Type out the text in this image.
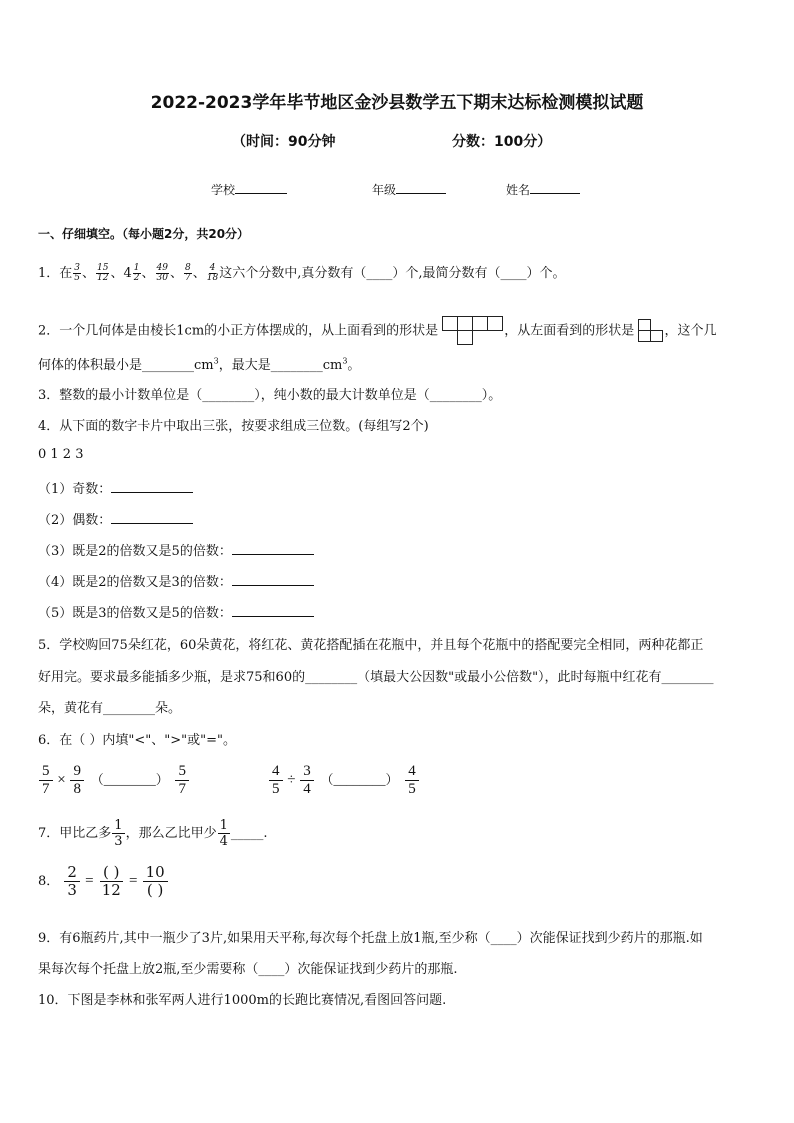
2022-2023学年毕节地区金沙县数学五下期末达标检测模拟试题
（时间：90分钟	分数：100分）
学校	年级	姓名
一、仔细填空。（每小题2分，共20分）
1．在 $\frac{3}{5}$ 、 $\frac{15}{12}$ 、$4 \frac{1}{2}$ 、 $\frac{49}{30}$ 、 $\frac{8}{7}$ 、 $\frac{4}{18}$ 这六个分数中,真分数有（____）个,最简分数有（____）个。
2．一个几何体是由棱长1cm的小正方体摆成的，从上面看到的形状是	，从左面看到的形状是 ，这个几
何体的体积最小是$\_\_\_\_\_\_\_\_cm^3$，最大是$\_\_\_\_\_\_\_\_cm^3$。
3．整数的最小计数单位是（________），纯小数的最大计数单位是（________）。
4．从下面的数字卡片中取出三张，按要求组成三位数。(每组写2个)
0 1 2 3
（1）奇数：
（2）偶数：
（3）既是2的倍数又是5的倍数：
（4）既是2的倍数又是3的倍数：
（5）既是3的倍数又是5的倍数：
5．学校购回75朵红花，60朵黄花，将红花、黄花搭配插在花瓶中，并且每个花瓶中的搭配要完全相同，两种花都正
好用完。要求最多能插多少瓶，是求75和60的________（填最大公因数"或最小公倍数"），此时每瓶中红花有________
朵，黄花有________朵。
6．在（ ）内填"<"、">"或"="。
$\frac{5}{7} \times \frac{9}{8}$ （________） $\frac{5}{7}$	$\frac{4}{5} \div \frac{3}{4}$ （________） $\frac{4}{5}$
7．甲比乙多 $\frac{1}{3}$ ，那么乙比甲少 $\frac{1}{4}$ _____.
8． $\frac{2}{3} = \frac{( )}{12} = \frac{10}{( )}$
9．有6瓶药片,其中一瓶少了3片,如果用天平称,每次每个托盘上放1瓶,至少称（____）次能保证找到少药片的那瓶.如
果每次每个托盘上放2瓶,至少需要称（____）次能保证找到少药片的那瓶.
10．下图是李林和张军两人进行1000m的长跑比赛情况,看图回答问题.
